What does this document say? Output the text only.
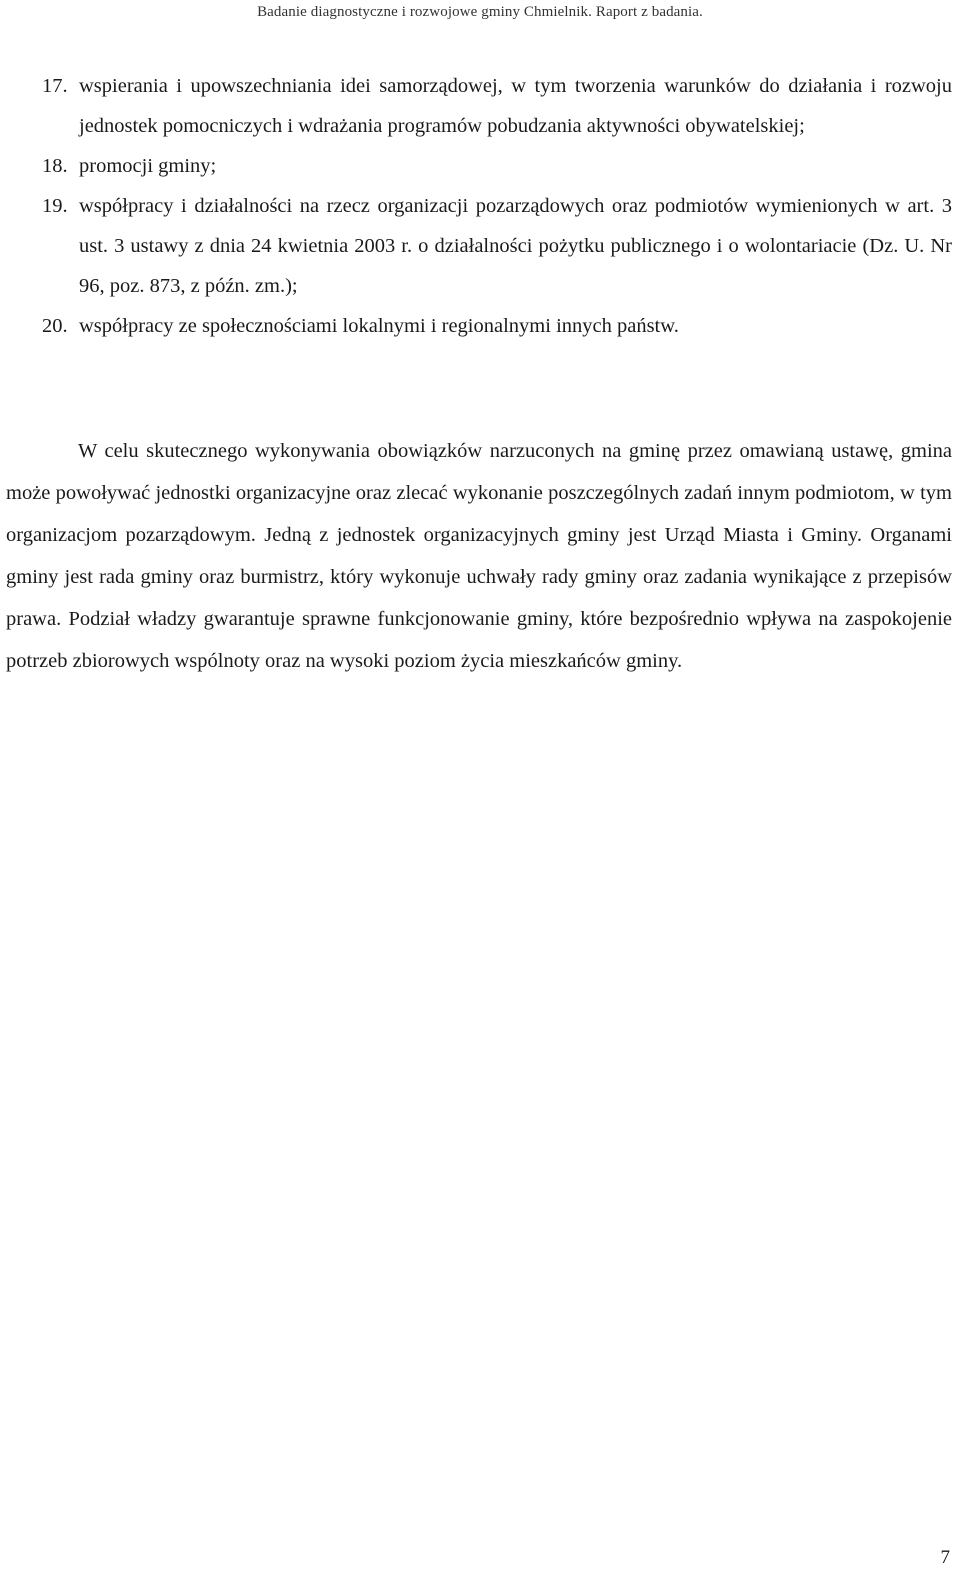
Badanie diagnostyczne i rozwojowe gminy Chmielnik. Raport z badania.
17. wspierania i upowszechniania idei samorządowej, w tym tworzenia warunków do działania i rozwoju jednostek pomocniczych i wdrażania programów pobudzania aktywności obywatelskiej;
18. promocji gminy;
19. współpracy i działalności na rzecz organizacji pozarządowych oraz podmiotów wymienionych w art. 3 ust. 3 ustawy z dnia 24 kwietnia 2003 r. o działalności pożytku publicznego i o wolontariacie (Dz. U. Nr 96, poz. 873, z późn. zm.);
20. współpracy ze społecznościami lokalnymi i regionalnymi innych państw.

W celu skutecznego wykonywania obowiązków narzuconych na gminę przez omawianą ustawę, gmina może powoływać jednostki organizacyjne oraz zlecać wykonanie poszczególnych zadań innym podmiotom, w tym organizacjom pozarządowym. Jedną z jednostek organizacyjnych gminy jest Urząd Miasta i Gminy. Organami gminy jest rada gminy oraz burmistrz, który wykonuje uchwały rady gminy oraz zadania wynikające z przepisów prawa. Podział władzy gwarantuje sprawne funkcjonowanie gminy, które bezpośrednio wpływa na zaspokojenie potrzeb zbiorowych wspólnoty oraz na wysoki poziom życia mieszkańców gminy.

7
